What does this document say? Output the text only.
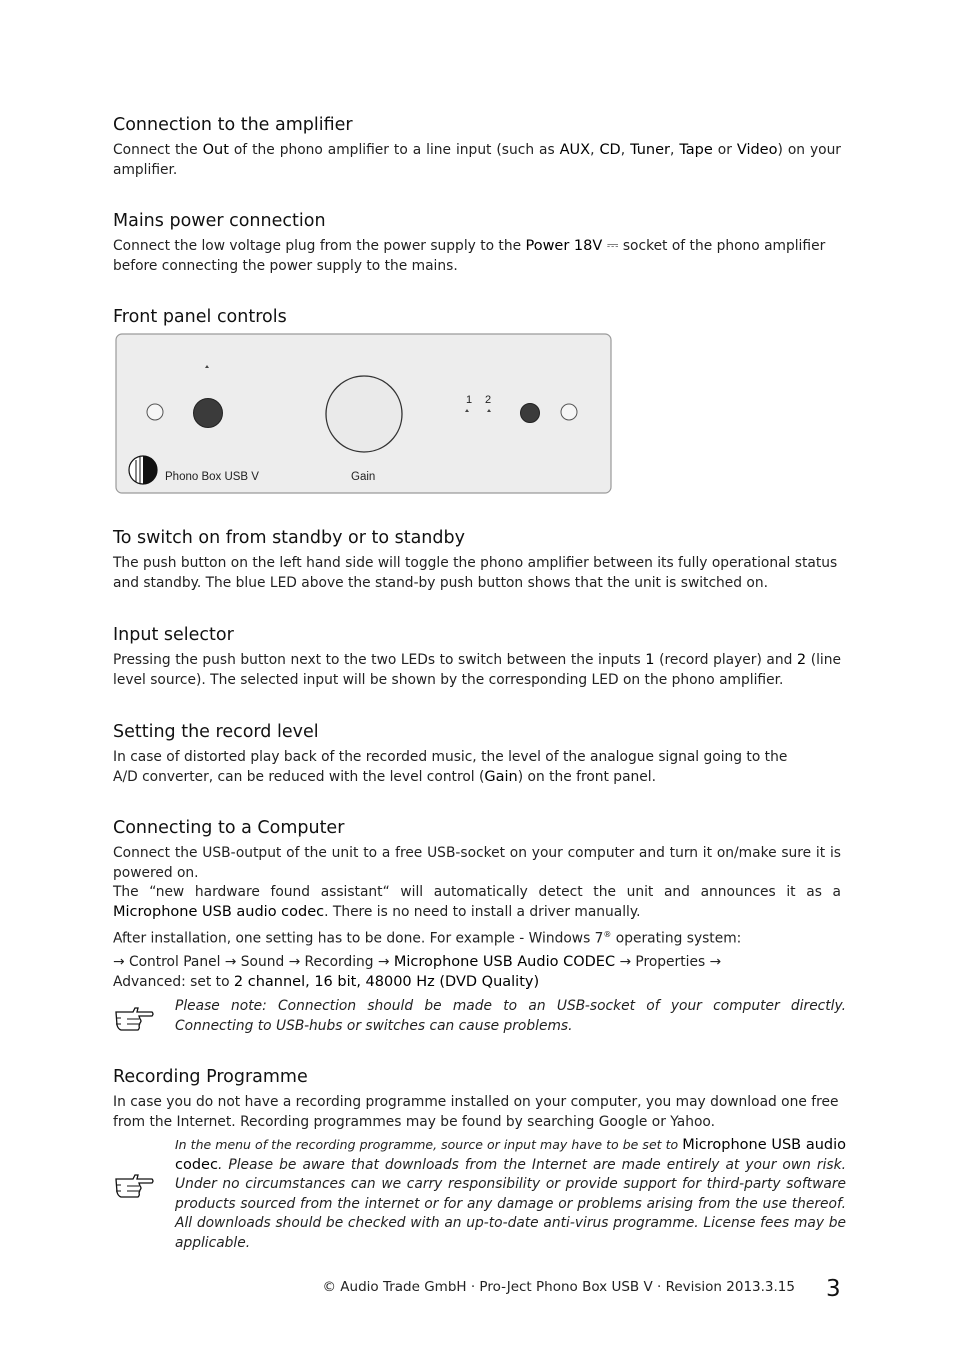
Connection to the amplifier

Connect the Out of the phono amplifier to a line input (such as AUX, CD, Tuner, Tape or Video) on your amplifier.

Mains power connection

Connect the low voltage plug from the power supply to the Power 18V ⎓ socket of the phono amplifier before connecting the power supply to the mains.

Front panel controls
1 2
Phono Box USB V	Gain
To switch on from standby or to standby

The push button on the left hand side will toggle the phono amplifier between its fully operational status and standby. The blue LED above the stand-by push button shows that the unit is switched on.

Input selector

Pressing the push button next to the two LEDs to switch between the inputs 1 (record player) and 2 (line level source). The selected input will be shown by the corresponding LED on the phono amplifier.

Setting the record level

In case of distorted play back of the recorded music, the level of the analogue signal going to the
A/D converter, can be reduced with the level control (Gain) on the front panel.

Connecting to a Computer

Connect the USB-output of the unit to a free USB-socket on your computer and turn it on/make sure it is powered on.

The “new hardware found assistant“ will automatically detect the unit and announces it as a Microphone USB audio codec. There is no need to install a driver manually.

After installation, one setting has to be done. For example - Windows 7® operating system:

→ Control Panel → Sound → Recording → Microphone USB Audio CODEC → Properties →
Advanced: set to 2 channel, 16 bit, 48000 Hz (DVD Quality)

Please note: Connection should be made to an USB-socket of your computer directly. Connecting to USB-hubs or switches can cause problems.

Recording Programme

In case you do not have a recording programme installed on your computer, you may download one free from the Internet. Recording programmes may be found by searching Google or Yahoo.

In the menu of the recording programme, source or input may have to be set to Microphone USB audio codec. Please be aware that downloads from the Internet are made entirely at your own risk. Under no circumstances can we carry responsibility or provide support for third-party software products sourced from the internet or for any damage or problems arising from the use thereof. All downloads should be checked with an up-to-date anti-virus programme. License fees may be applicable.

© Audio Trade GmbH · Pro-Ject Phono Box USB V · Revision 2013.3.15 3
